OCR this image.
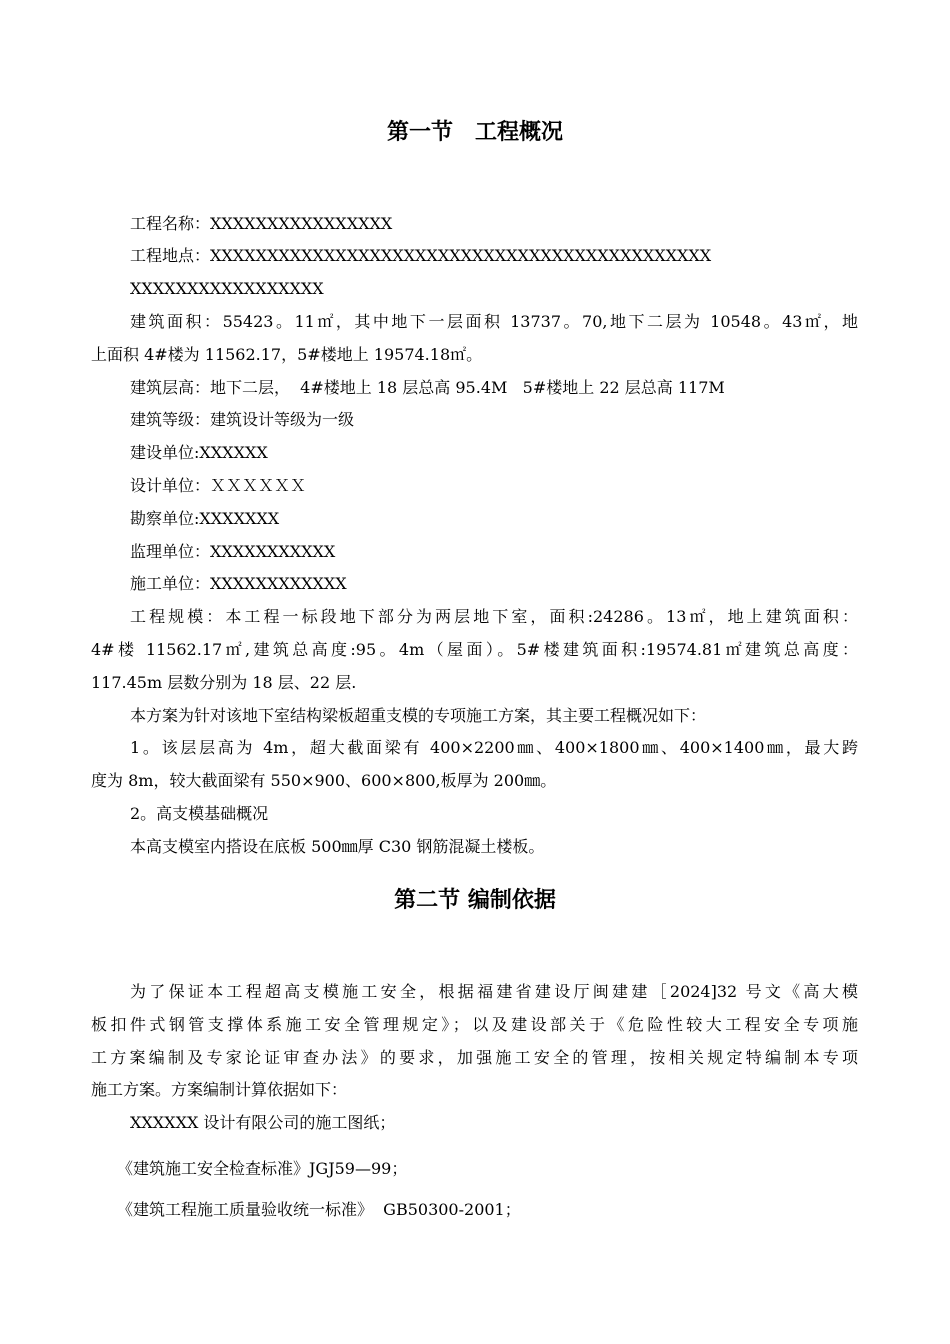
第一节　工程概况

工程名称：XXXXXXXXXXXXXXXX

工程地点：XXXXXXXXXXXXXXXXXXXXXXXXXXXXXXXXXXXXXXXXXXXX

XXXXXXXXXXXXXXXXX

建筑面积：55423。11㎡，其中地下一层面积 13737。70,地下二层为 10548。43㎡，地

上面积 4#楼为 11562.17，5#楼地上 19574.18㎡。

建筑层高：地下二层，  4#楼地上 18 层总高 95.4M   5#楼地上 22 层总高 117M

建筑等级：建筑设计等级为一级

建设单位:XXXXXX

设计单位：ＸＸＸＸＸＸ

勘察单位:XXXXXXX

监理单位：XXXXXXXXXXX

施工单位：XXXXXXXXXXXX

工程规模：本工程一标段地下部分为两层地下室，面积:24286。13㎡，地上建筑面积：

4#楼 11562.17㎡,建筑总高度:95。4m（屋面）。5#楼建筑面积:19574.81㎡建筑总高度：

117.45m 层数分别为 18 层、22 层.

本方案为针对该地下室结构梁板超重支模的专项施工方案，其主要工程概况如下：

1。该层层高为 4m，超大截面梁有 400×2200㎜、400×1800㎜、400×1400㎜，最大跨

度为 8m，较大截面梁有 550×900、600×800,板厚为 200㎜。

2。高支模基础概况

本高支模室内搭设在底板 500㎜厚 C30 钢筋混凝土楼板。

第二节 编制依据

为了保证本工程超高支模施工安全，根据福建省建设厅闽建建［2024]32 号文《高大模

板扣件式钢管支撑体系施工安全管理规定》；以及建设部关于《危险性较大工程安全专项施

工方案编制及专家论证审查办法》的要求，加强施工安全的管理，按相关规定特编制本专项

施工方案。方案编制计算依据如下：

XXXXXX 设计有限公司的施工图纸；

《建筑施工安全检查标准》JGJ59—99；

《建筑工程施工质量验收统一标准》  GB50300-2001；
